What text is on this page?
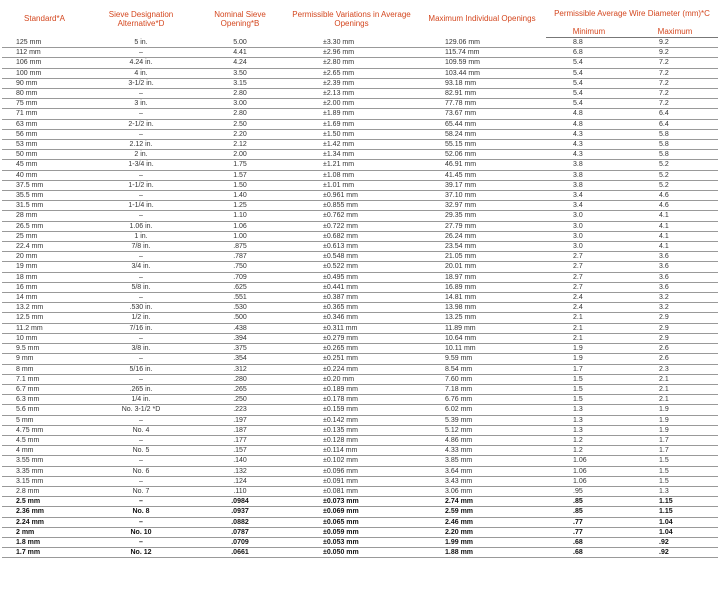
Standard*A	Sieve Designation Alternative*D	Nominal Sieve Opening*B	Permissible Variations in Average Openings	Maximum Individual Openings	Permissible Average Wire Diameter (mm)*C	
					Minimum	Maximum
125 mm	5 in.	5.00	±3.30 mm	129.06 mm	8.8	9.2
112 mm	–	4.41	±2.96 mm	115.74 mm	6.8	9.2
106 mm	4.24 in.	4.24	±2.80 mm	109.59 mm	5.4	7.2
100 mm	4 in.	3.50	±2.65 mm	103.44 mm	5.4	7.2
90 mm	3-1/2 in.	3.15	±2.39 mm	93.18 mm	5.4	7.2
80 mm	–	2.80	±2.13 mm	82.91 mm	5.4	7.2
75 mm	3 in.	3.00	±2.00 mm	77.78 mm	5.4	7.2
71 mm	–	2.80	±1.89 mm	73.67 mm	4.8	6.4
63 mm	2-1/2 in.	2.50	±1.69 mm	65.44 mm	4.8	6.4
56 mm	–	2.20	±1.50 mm	58.24 mm	4.3	5.8
53 mm	2.12 in.	2.12	±1.42 mm	55.15 mm	4.3	5.8
50 mm	2 in.	2.00	±1.34 mm	52.06 mm	4.3	5.8
45 mm	1-3/4 in.	1.75	±1.21 mm	46.91 mm	3.8	5.2
40 mm	–	1.57	±1.08 mm	41.45 mm	3.8	5.2
37.5 mm	1-1/2 in.	1.50	±1.01 mm	39.17 mm	3.8	5.2
35.5 mm	–	1.40	±0.961 mm	37.10 mm	3.4	4.6
31.5 mm	1-1/4 in.	1.25	±0.855 mm	32.97 mm	3.4	4.6
28 mm	–	1.10	±0.762 mm	29.35 mm	3.0	4.1
26.5 mm	1.06 in.	1.06	±0.722 mm	27.79 mm	3.0	4.1
25 mm	1 in.	1.00	±0.682 mm	26.24 mm	3.0	4.1
22.4 mm	7/8 in.	.875	±0.613 mm	23.54 mm	3.0	4.1
20 mm	–	.787	±0.548 mm	21.05 mm	2.7	3.6
19 mm	3/4 in.	.750	±0.522 mm	20.01 mm	2.7	3.6
18 mm	–	.709	±0.495 mm	18.97 mm	2.7	3.6
16 mm	5/8 in.	.625	±0.441 mm	16.89 mm	2.7	3.6
14 mm	–	.551	±0.387 mm	14.81 mm	2.4	3.2
13.2 mm	.530 in.	.530	±0.365 mm	13.98 mm	2.4	3.2
12.5 mm	1/2 in.	.500	±0.346 mm	13.25 mm	2.1	2.9
11.2 mm	7/16 in.	.438	±0.311 mm	11.89 mm	2.1	2.9
10 mm	–	.394	±0.279 mm	10.64 mm	2.1	2.9
9.5 mm	3/8 in.	.375	±0.265 mm	10.11 mm	1.9	2.6
9 mm	–	.354	±0.251 mm	9.59 mm	1.9	2.6
8 mm	5/16 in.	.312	±0.224 mm	8.54 mm	1.7	2.3
7.1 mm	–	.280	±0.20 mm	7.60 mm	1.5	2.1
6.7 mm	.265 in.	.265	±0.189 mm	7.18 mm	1.5	2.1
6.3 mm	1/4 in.	.250	±0.178 mm	6.76 mm	1.5	2.1
5.6 mm	No. 3-1/2 *D	.223	±0.159 mm	6.02 mm	1.3	1.9
5 mm	–	.197	±0.142 mm	5.39 mm	1.3	1.9
4.75 mm	No. 4	.187	±0.135 mm	5.12 mm	1.3	1.9
4.5 mm	–	.177	±0.128 mm	4.86 mm	1.2	1.7
4 mm	No. 5	.157	±0.114 mm	4.33 mm	1.2	1.7
3.55 mm	–	.140	±0.102 mm	3.85 mm	1.06	1.5
3.35 mm	No. 6	.132	±0.096 mm	3.64 mm	1.06	1.5
3.15 mm	–	.124	±0.091 mm	3.43 mm	1.06	1.5
2.8 mm	No. 7	.110	±0.081 mm	3.06 mm	.95	1.3
2.5 mm	–	.0984	±0.073 mm	2.74 mm	.85	1.15
2.36 mm	No. 8	.0937	±0.069 mm	2.59 mm	.85	1.15
2.24 mm	–	.0882	±0.065 mm	2.46 mm	.77	1.04
2 mm	No. 10	.0787	±0.059 mm	2.20 mm	.77	1.04
1.8 mm	–	.0709	±0.053 mm	1.99 mm	.68	.92
1.7 mm	No. 12	.0661	±0.050 mm	1.88 mm	.68	.92
